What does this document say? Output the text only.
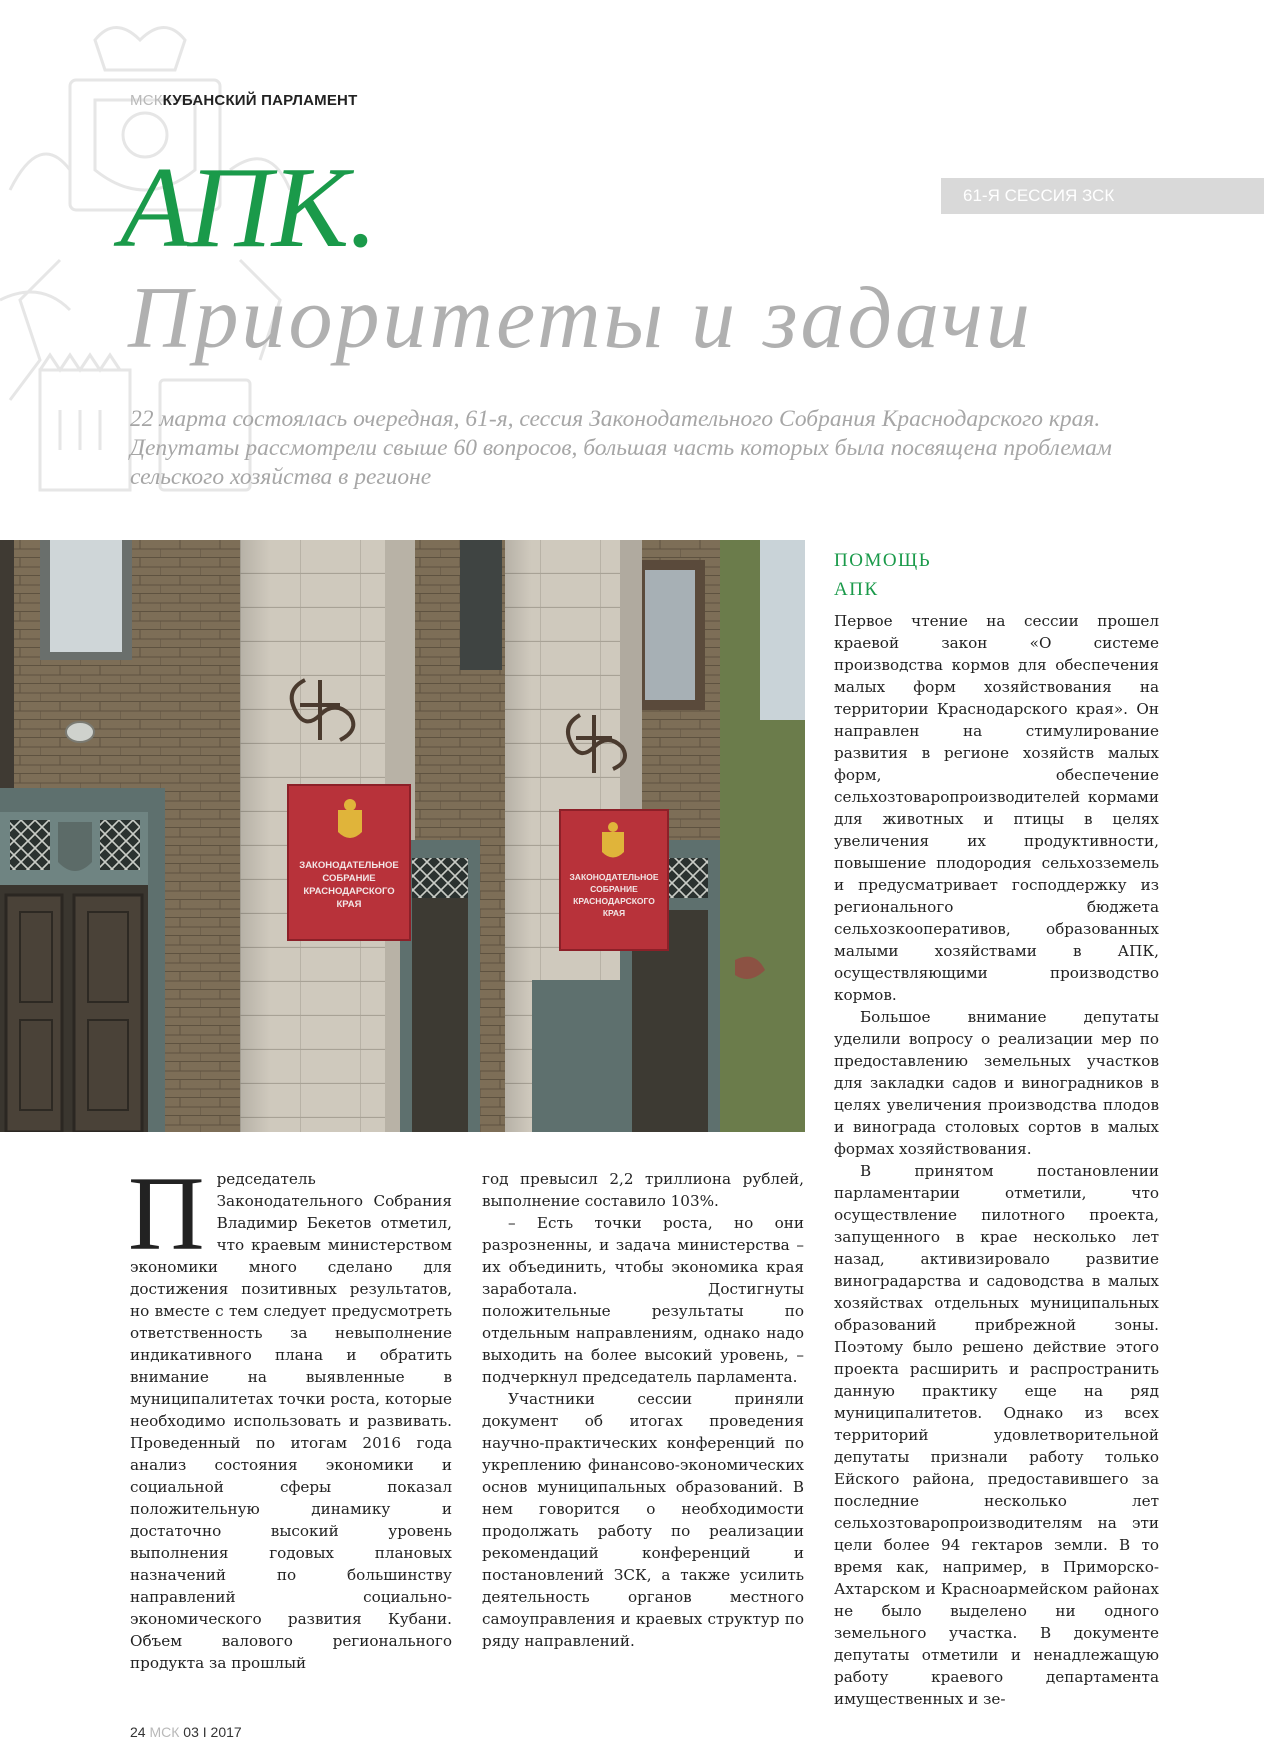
МСККУБАНСКИЙ ПАРЛАМЕНТ
61-Я СЕССИЯ ЗСК
АПК.
Приоритеты и задачи
22 марта состоялась очередная, 61-я, сессия Законодательного Собрания Краснодарского края. Депутаты рассмотрели свыше 60 вопросов, большая часть которых была посвящена проблемам сельского хозяйства в регионе
ЗАКОНОДАТЕЛЬНОЕ
СОБРАНИЕ
КРАСНОДАРСКОГО
КРАЯ
ЗАКОНОДАТЕЛЬНОЕ
СОБРАНИЕ
КРАСНОДАРСКОГО
КРАЯ
ПОМОЩЬ
АПК

Первое чтение на сессии прошел краевой закон «О системе производства кормов для обеспечения малых форм хозяйствования на территории Краснодарского края». Он направлен на стимулирование развития в регионе хозяйств малых форм, обеспечение сельхозтоваропроизводителей кормами для животных и птицы в целях увеличения их продуктивности, повышение плодородия сельхозземель и предусматривает господдержку из регионального бюджета сельхозкооперативов, образованных малыми хозяйствами в АПК, осуществляющими производство кормов.

Большое внимание депутаты уделили вопросу о реализации мер по предоставлению земельных участков для закладки садов и виноградников в целях увеличения производства плодов и винограда столовых сортов в малых формах хозяйствования.

В принятом постановлении парламентарии отметили, что осуществление пилотного проекта, запущенного в крае несколько лет назад, активизировало развитие виноградарства и садоводства в малых хозяйствах отдельных муниципальных образований прибрежной зоны. Поэтому было решено действие этого проекта расширить и распространить данную практику еще на ряд муниципалитетов. Однако из всех территорий удовлетворительной депутаты признали работу только Ейского района, предоставившего за последние несколько лет сельхозтоваропроизводителям на эти цели более 94 гектаров земли. В то время как, например, в Приморско-Ахтарском и Красноармейском районах не было выделено ни одного земельного участка. В документе депутаты отметили и ненадлежащую работу краевого департамента имущественных и зе-

П редседатель Законодательного Собрания Владимир Бекетов отметил, что краевым министерством экономики много сделано для достижения позитивных результатов, но вместе с тем следует предусмотреть ответственность за невыполнение индикативного плана и обратить внимание на выявленные в муниципалитетах точки роста, которые необходимо использовать и развивать. Проведенный по итогам 2016 года анализ состояния экономики и социальной сферы показал положительную динамику и достаточно высокий уровень выполнения годовых плановых назначений по большинству направлений социально-экономического развития Кубани. Объем валового регионального продукта за прошлый

год превысил 2,2 триллиона рублей, выполнение составило 103%.

– Есть точки роста, но они разрозненны, и задача министерства – их объединить, чтобы экономика края заработала. Достигнуты положительные результаты по отдельным направлениям, однако надо выходить на более высокий уровень, – подчеркнул председатель парламента.

Участники сессии приняли документ об итогах проведения научно-практических конференций по укреплению финансово-экономических основ муниципальных образований. В нем говорится о необходимости продолжать работу по реализации рекомендаций конференций и постановлений ЗСК, а также усилить деятельность органов местного самоуправления и краевых структур по ряду направлений.

24 МСК 03 I 2017
